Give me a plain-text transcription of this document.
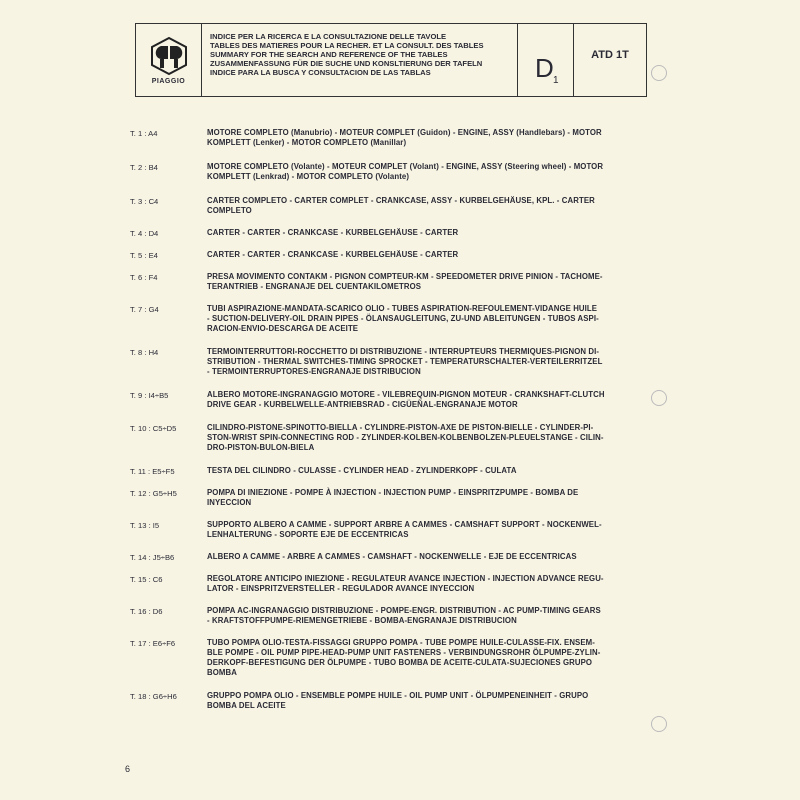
PIAGGIO
INDICE PER LA RICERCA E LA CONSULTAZIONE DELLE TAVOLE
TABLES DES MATIERES POUR LA RECHER. ET LA CONSULT. DES TABLES
SUMMARY FOR THE SEARCH AND REFERENCE OF THE TABLES
ZUSAMMENFASSUNG FÜR DIE SUCHE UND KONSLTIERUNG DER TAFELN
INDICE PARA LA BUSCA Y CONSULTACION DE LAS TABLAS	D 1
ATD 1T
T. 1 : A4	MOTORE COMPLETO (Manubrio) - MOTEUR COMPLET (Guidon) - ENGINE, ASSY (Handlebars) - MOTOR
KOMPLETT (Lenker) - MOTOR COMPLETO (Manillar)
T. 2 : B4	MOTORE COMPLETO (Volante) - MOTEUR COMPLET (Volant) - ENGINE, ASSY (Steering wheel) - MOTOR
KOMPLETT (Lenkrad) - MOTOR COMPLETO (Volante)
T. 3 : C4	CARTER COMPLETO - CARTER COMPLET - CRANKCASE, ASSY - KURBELGEHÄUSE, KPL. - CARTER
COMPLETO
T. 4 : D4	CARTER - CARTER - CRANKCASE - KURBELGEHÄUSE - CARTER
T. 5 : E4	CARTER - CARTER - CRANKCASE - KURBELGEHÄUSE - CARTER
T. 6 : F4	PRESA MOVIMENTO CONTAKM - PIGNON COMPTEUR-KM - SPEEDOMETER DRIVE PINION - TACHOME-
TERANTRIEB - ENGRANAJE DEL CUENTAKILOMETROS
T. 7 : G4	TUBI ASPIRAZIONE-MANDATA-SCARICO OLIO - TUBES ASPIRATION-REFOULEMENT-VIDANGE HUILE
- SUCTION-DELIVERY-OIL DRAIN PIPES - ÖLANSAUGLEITUNG, ZU-UND ABLEITUNGEN - TUBOS ASPI-
RACION-ENVIO-DESCARGA DE ACEITE
T. 8 : H4	TERMOINTERRUTTORI-ROCCHETTO DI DISTRIBUZIONE - INTERRUPTEURS THERMIQUES-PIGNON DI-
STRIBUTION - THERMAL SWITCHES-TIMING SPROCKET - TEMPERATURSCHALTER-VERTEILERRITZEL
- TERMOINTERRUPTORES-ENGRANAJE DISTRIBUCION
T. 9 : I4÷B5	ALBERO MOTORE-INGRANAGGIO MOTORE - VILEBREQUIN-PIGNON MOTEUR - CRANKSHAFT-CLUTCH
DRIVE GEAR - KURBELWELLE-ANTRIEBSRAD - CIGÜEÑAL-ENGRANAJE MOTOR
T. 10 : C5÷D5	CILINDRO-PISTONE-SPINOTTO-BIELLA - CYLINDRE-PISTON-AXE DE PISTON-BIELLE - CYLINDER-PI-
STON-WRIST SPIN-CONNECTING ROD - ZYLINDER-KOLBEN-KOLBENBOLZEN-PLEUELSTANGE - CILIN-
DRO-PISTON-BULON-BIELA
T. 11 : E5÷F5	TESTA DEL CILINDRO - CULASSE - CYLINDER HEAD - ZYLINDERKOPF - CULATA
T. 12 : G5÷H5	POMPA DI INIEZIONE - POMPE À INJECTION - INJECTION PUMP - EINSPRITZPUMPE - BOMBA DE
INYECCION
T. 13 : I5	SUPPORTO ALBERO A CAMME - SUPPORT ARBRE A CAMMES - CAMSHAFT SUPPORT - NOCKENWEL-
LENHALTERUNG - SOPORTE EJE DE ECCENTRICAS
T. 14 : J5÷B6	ALBERO A CAMME - ARBRE A CAMMES - CAMSHAFT - NOCKENWELLE - EJE DE ECCENTRICAS
T. 15 : C6	REGOLATORE ANTICIPO INIEZIONE - REGULATEUR AVANCE INJECTION - INJECTION ADVANCE REGU-
LATOR - EINSPRITZVERSTELLER - REGULADOR AVANCE INYECCION
T. 16 : D6	POMPA AC-INGRANAGGIO DISTRIBUZIONE - POMPE-ENGR. DISTRIBUTION - AC PUMP-TIMING GEARS
- KRAFTSTOFFPUMPE-RIEMENGETRIEBE - BOMBA-ENGRANAJE DISTRIBUCION
T. 17 : E6÷F6	TUBO POMPA OLIO-TESTA-FISSAGGI GRUPPO POMPA - TUBE POMPE HUILE-CULASSE-FIX. ENSEM-
BLE POMPE - OIL PUMP PIPE-HEAD-PUMP UNIT FASTENERS - VERBINDUNGSROHR ÖLPUMPE-ZYLIN-
DERKOPF-BEFESTIGUNG DER ÖLPUMPE - TUBO BOMBA DE ACEITE-CULATA-SUJECIONES GRUPO
BOMBA
T. 18 : G6÷H6	GRUPPO POMPA OLIO - ENSEMBLE POMPE HUILE - OIL PUMP UNIT - ÖLPUMPENEINHEIT - GRUPO
BOMBA DEL ACEITE
6
